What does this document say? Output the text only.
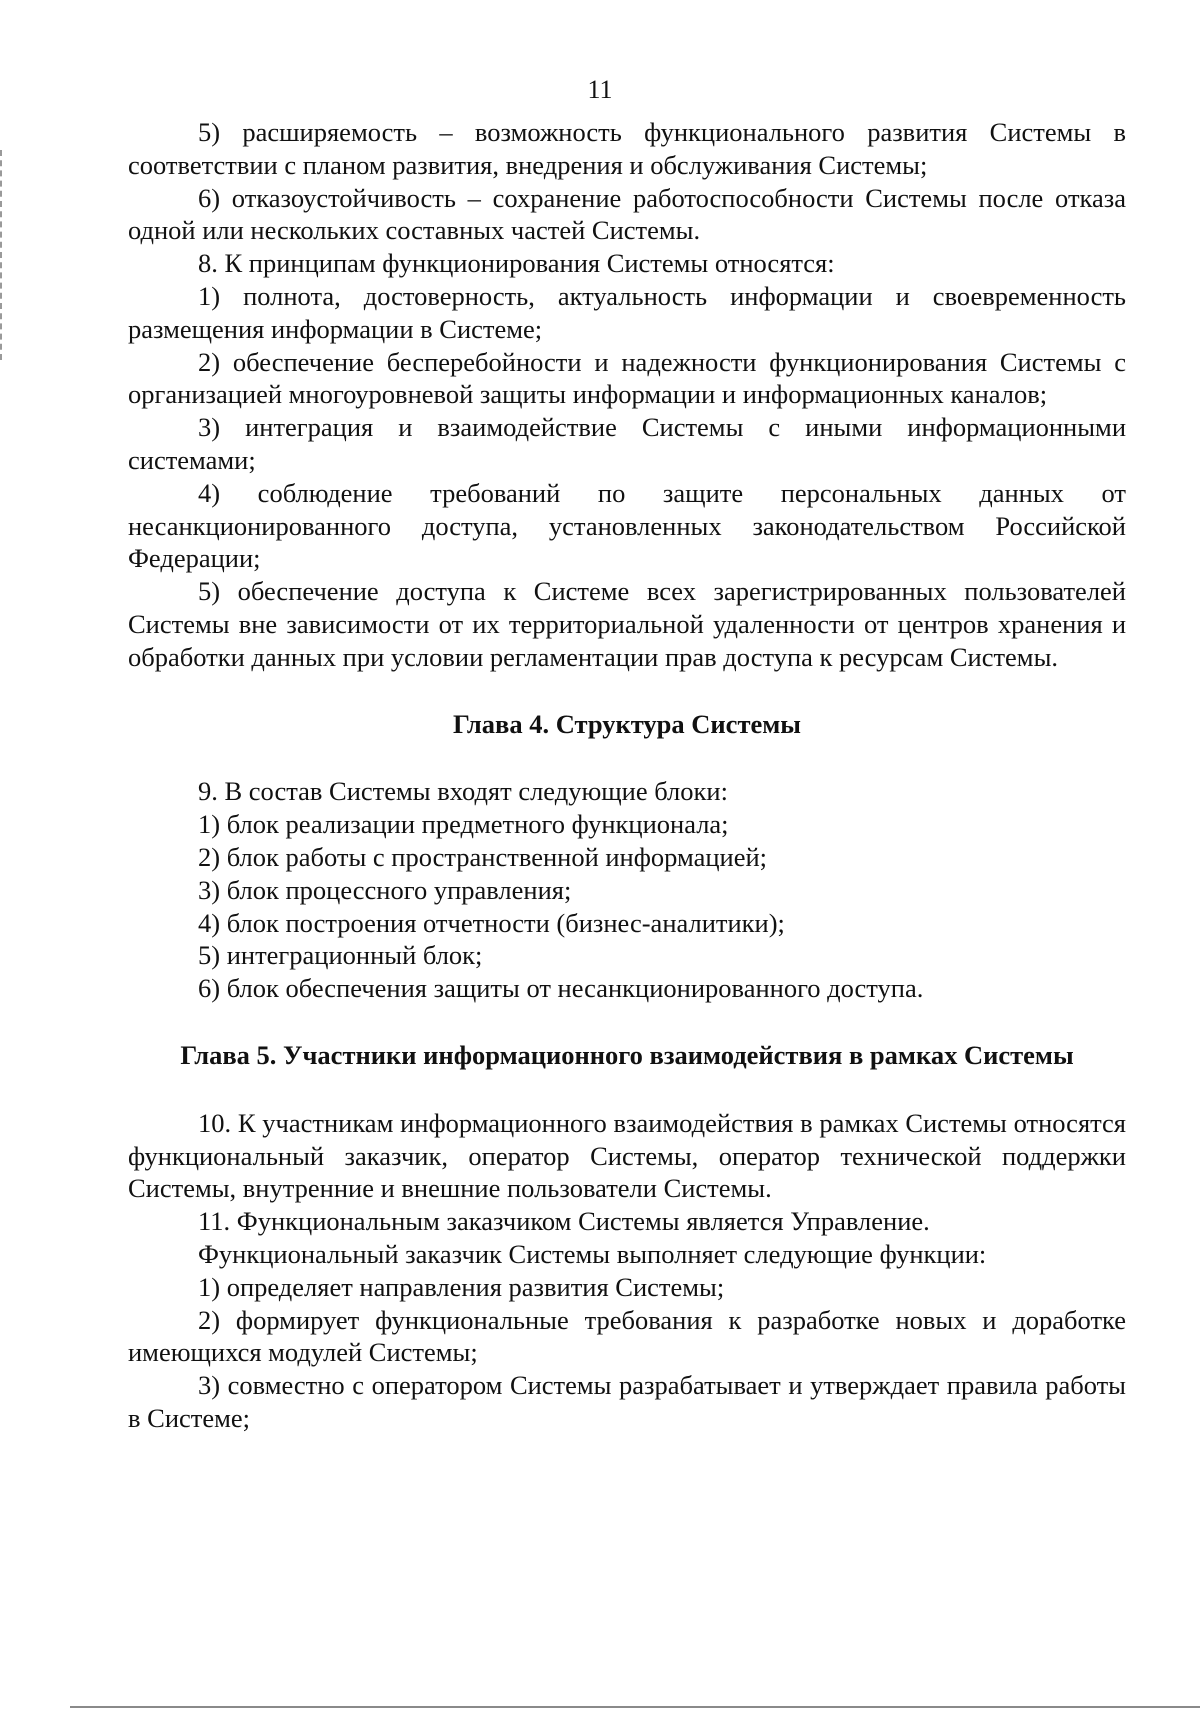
11

5) расширяемость – возможность функционального развития Системы в соответствии с планом развития, внедрения и обслуживания Системы;

6) отказоустойчивость – сохранение работоспособности Системы после отказа одной или нескольких составных частей Системы.

8. К принципам функционирования Системы относятся:

1) полнота, достоверность, актуальность информации и своевременность размещения информации в Системе;

2) обеспечение бесперебойности и надежности функционирования Системы с организацией многоуровневой защиты информации и информационных каналов;

3) интеграция и взаимодействие Системы с иными информационными системами;

4) соблюдение требований по защите персональных данных от несанкционированного доступа, установленных законодательством Российской Федерации;

5) обеспечение доступа к Системе всех зарегистрированных пользователей Системы вне зависимости от их территориальной удаленности от центров хранения и обработки данных при условии регламентации прав доступа к ресурсам Системы.

Глава 4. Структура Системы

9. В состав Системы входят следующие блоки:

1) блок реализации предметного функционала;

2) блок работы с пространственной информацией;

3) блок процессного управления;

4) блок построения отчетности (бизнес-аналитики);

5) интеграционный блок;

6) блок обеспечения защиты от несанкционированного доступа.

Глава 5. Участники информационного взаимодействия в рамках Системы

10. К участникам информационного взаимодействия в рамках Системы относятся функциональный заказчик, оператор Системы, оператор технической поддержки Системы, внутренние и внешние пользователи Системы.

11. Функциональным заказчиком Системы является Управление.

Функциональный заказчик Системы выполняет следующие функции:

1) определяет направления развития Системы;

2) формирует функциональные требования к разработке новых и доработке имеющихся модулей Системы;

3) совместно с оператором Системы разрабатывает и утверждает правила работы в Системе;
